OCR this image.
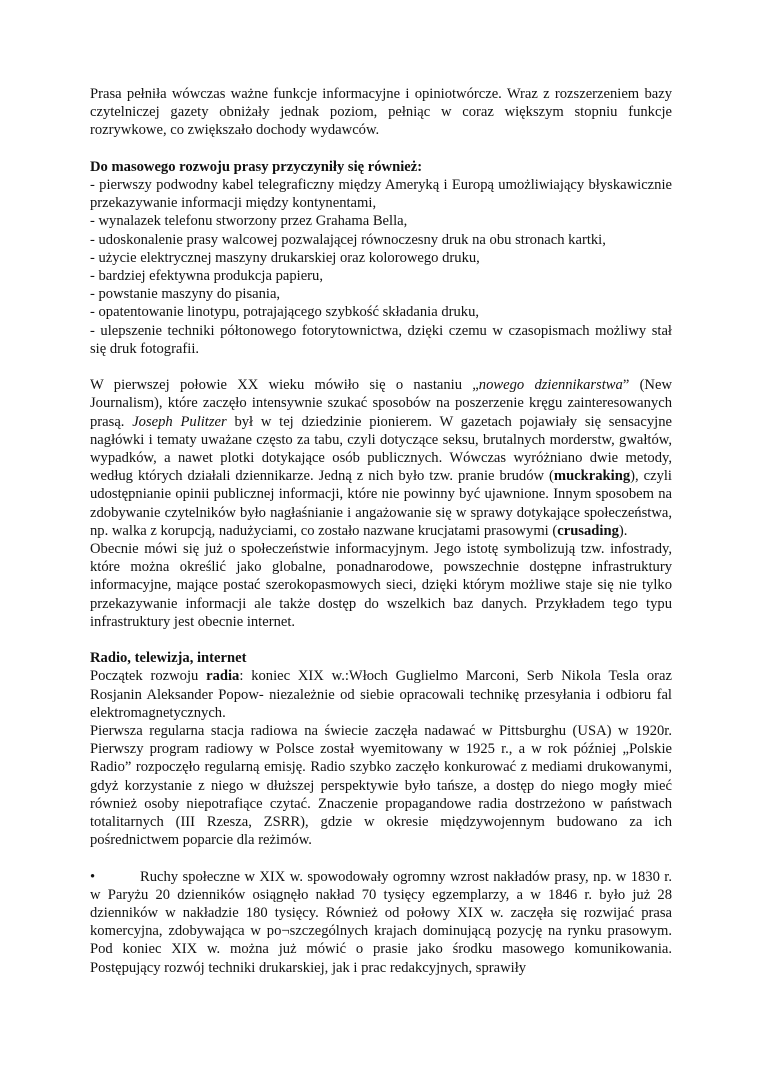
Prasa pełniła wówczas ważne funkcje informacyjne i opiniotwórcze. Wraz z rozszerzeniem bazy czytelniczej gazety obniżały jednak poziom, pełniąc w coraz większym stopniu funkcje rozrywkowe, co zwiększało dochody wydawców.

Do masowego rozwoju prasy przyczyniły się również:

- pierwszy podwodny kabel telegraficzny między Ameryką i Europą umożliwiający błyskawicznie przekazywanie informacji między kontynentami,

- wynalazek telefonu stworzony przez Grahama Bella,

- udoskonalenie prasy walcowej pozwalającej równoczesny druk na obu stronach kartki,

- użycie elektrycznej maszyny drukarskiej oraz kolorowego druku,

- bardziej efektywna produkcja papieru,

- powstanie maszyny do pisania,

- opatentowanie linotypu, potrajającego szybkość składania druku,

- ulepszenie techniki półtonowego fotorytownictwa, dzięki czemu w czasopismach możliwy stał się druk fotografii.

W pierwszej połowie XX wieku mówiło się o nastaniu „nowego dziennikarstwa” (New Journalism), które zaczęło intensywnie szukać sposobów na poszerzenie kręgu zainteresowanych prasą. Joseph Pulitzer był w tej dziedzinie pionierem. W gazetach pojawiały się sensacyjne nagłówki i tematy uważane często za tabu, czyli dotyczące seksu, brutalnych morderstw, gwałtów, wypadków, a nawet plotki dotykające osób publicznych. Wówczas wyróżniano dwie metody, według których działali dziennikarze. Jedną z nich było tzw. pranie brudów (muckraking), czyli udostępnianie opinii publicznej informacji, które nie powinny być ujawnione. Innym sposobem na zdobywanie czytelników było nagłaśnianie i angażowanie się w sprawy dotykające społeczeństwa, np. walka z korupcją, nadużyciami, co zostało nazwane krucjatami prasowymi (crusading).

Obecnie mówi się już o społeczeństwie informacyjnym. Jego istotę symbolizują tzw. infostrady, które można określić jako globalne, ponadnarodowe, powszechnie dostępne infrastruktury informacyjne, mające postać szerokopasmowych sieci, dzięki którym możliwe staje się nie tylko przekazywanie informacji ale także dostęp do wszelkich baz danych. Przykładem tego typu infrastruktury jest obecnie internet.

Radio, telewizja, internet

Początek rozwoju radia: koniec XIX w.:Włoch Guglielmo Marconi, Serb Nikola Tesla oraz Rosjanin Aleksander Popow- niezależnie od siebie opracowali technikę przesyłania i odbioru fal elektromagnetycznych.

Pierwsza regularna stacja radiowa na świecie zaczęła nadawać w Pittsburghu (USA) w 1920r. Pierwszy program radiowy w Polsce został wyemitowany w 1925 r., a w rok później „Polskie Radio” rozpoczęło regularną emisję. Radio szybko zaczęło konkurować z mediami drukowanymi, gdyż korzystanie z niego w dłuższej perspektywie było tańsze, a dostęp do niego mogły mieć również osoby niepotrafiące czytać. Znaczenie propagandowe radia dostrzeżono w państwach totalitarnych (III Rzesza, ZSRR), gdzie w okresie międzywojennym budowano za ich pośrednictwem poparcie dla reżimów.

•	Ruchy społeczne w XIX w. spowodowały ogromny wzrost nakładów prasy, np. w 1830 r. w Paryżu 20 dzienników osiągnęło nakład 70 tysięcy egzemplarzy, a w 1846 r. było już 28 dzienników w nakładzie 180 tysięcy. Również od połowy XIX w. zaczęła się rozwijać prasa komercyjna, zdobywająca w po¬szczególnych krajach dominującą pozycję na rynku prasowym. Pod koniec XIX w. można już mówić o prasie jako środku masowego komunikowania. Postępujący rozwój techniki drukarskiej, jak i prac redakcyjnych, sprawiły
